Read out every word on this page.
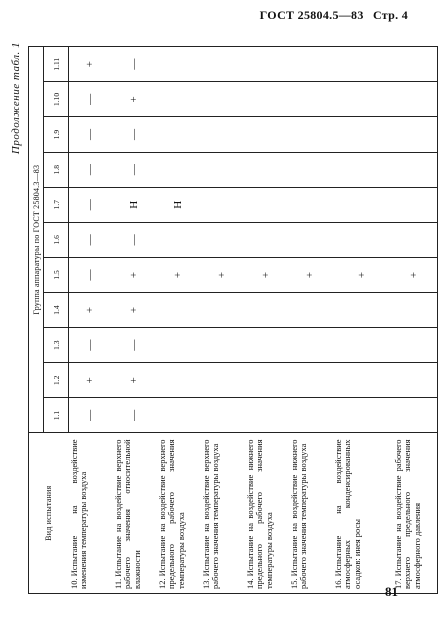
ГОСТ 25804.5—83 Стр. 4
Продолжение табл. 1
Вид испытания	Группа аппаратуры по ГОСТ 25804.3—83										
	1.1	1.2	1.3	1.4	1.5	1.6	1.7	1.8	1.9	1.10	1.11
10.Испытание на воздействие изменения температуры воздуха	—	+	—	+	—	—	—	—	—	—	+
11.Испытание на воздействие верхнего рабочего значения относительной влажности	—	+	—	+	+	—	Н	—	—	+	—
12.Испытание на воздействие верхнего предельного рабочего значения температуры воздуха					+		Н				
13.Испытание на воздействие верхнего рабочего значения температуры воздуха					+						
14.Испытание на воздействие нижнего предельного рабочего значения температуры воздуха					+						
15.Испытание на воздействие нижнего рабочего значения температуры воздуха					+						
16.Испытание на воздействие атмосферных конденсированных осадков: инея росы					+						
17.Испытание на воздействие рабочего верхнего предельного значения атмосферного давления					+						
81
